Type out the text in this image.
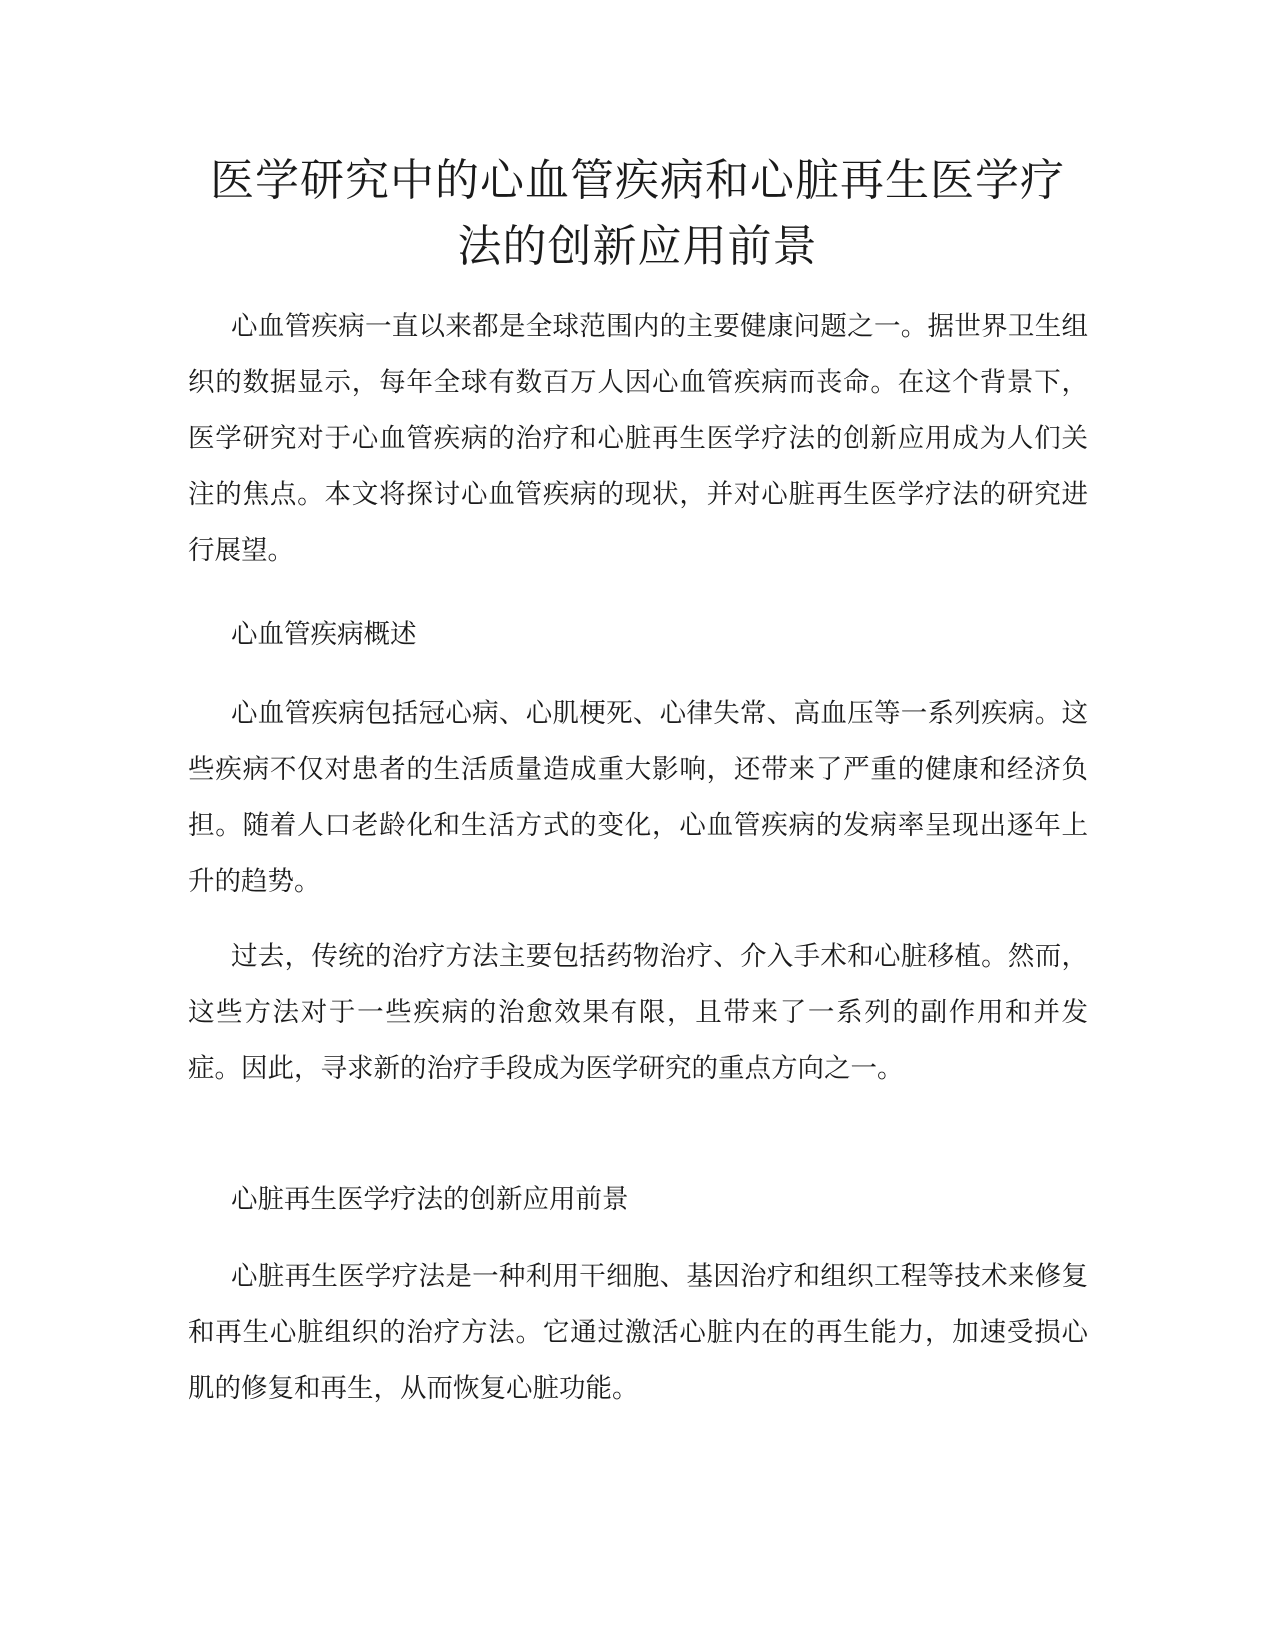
医学研究中的心血管疾病和心脏再生医学疗法的创新应用前景

心血管疾病一直以来都是全球范围内的主要健康问题之一。据世界卫生组织的数据显示，每年全球有数百万人因心血管疾病而丧命。在这个背景下，医学研究对于心血管疾病的治疗和心脏再生医学疗法的创新应用成为人们关注的焦点。本文将探讨心血管疾病的现状，并对心脏再生医学疗法的研究进行展望。

心血管疾病概述

心血管疾病包括冠心病、心肌梗死、心律失常、高血压等一系列疾病。这些疾病不仅对患者的生活质量造成重大影响，还带来了严重的健康和经济负担。随着人口老龄化和生活方式的变化，心血管疾病的发病率呈现出逐年上升的趋势。

过去，传统的治疗方法主要包括药物治疗、介入手术和心脏移植。然而，这些方法对于一些疾病的治愈效果有限，且带来了一系列的副作用和并发症。因此，寻求新的治疗手段成为医学研究的重点方向之一。

心脏再生医学疗法的创新应用前景

心脏再生医学疗法是一种利用干细胞、基因治疗和组织工程等技术来修复和再生心脏组织的治疗方法。它通过激活心脏内在的再生能力，加速受损心肌的修复和再生，从而恢复心脏功能。
